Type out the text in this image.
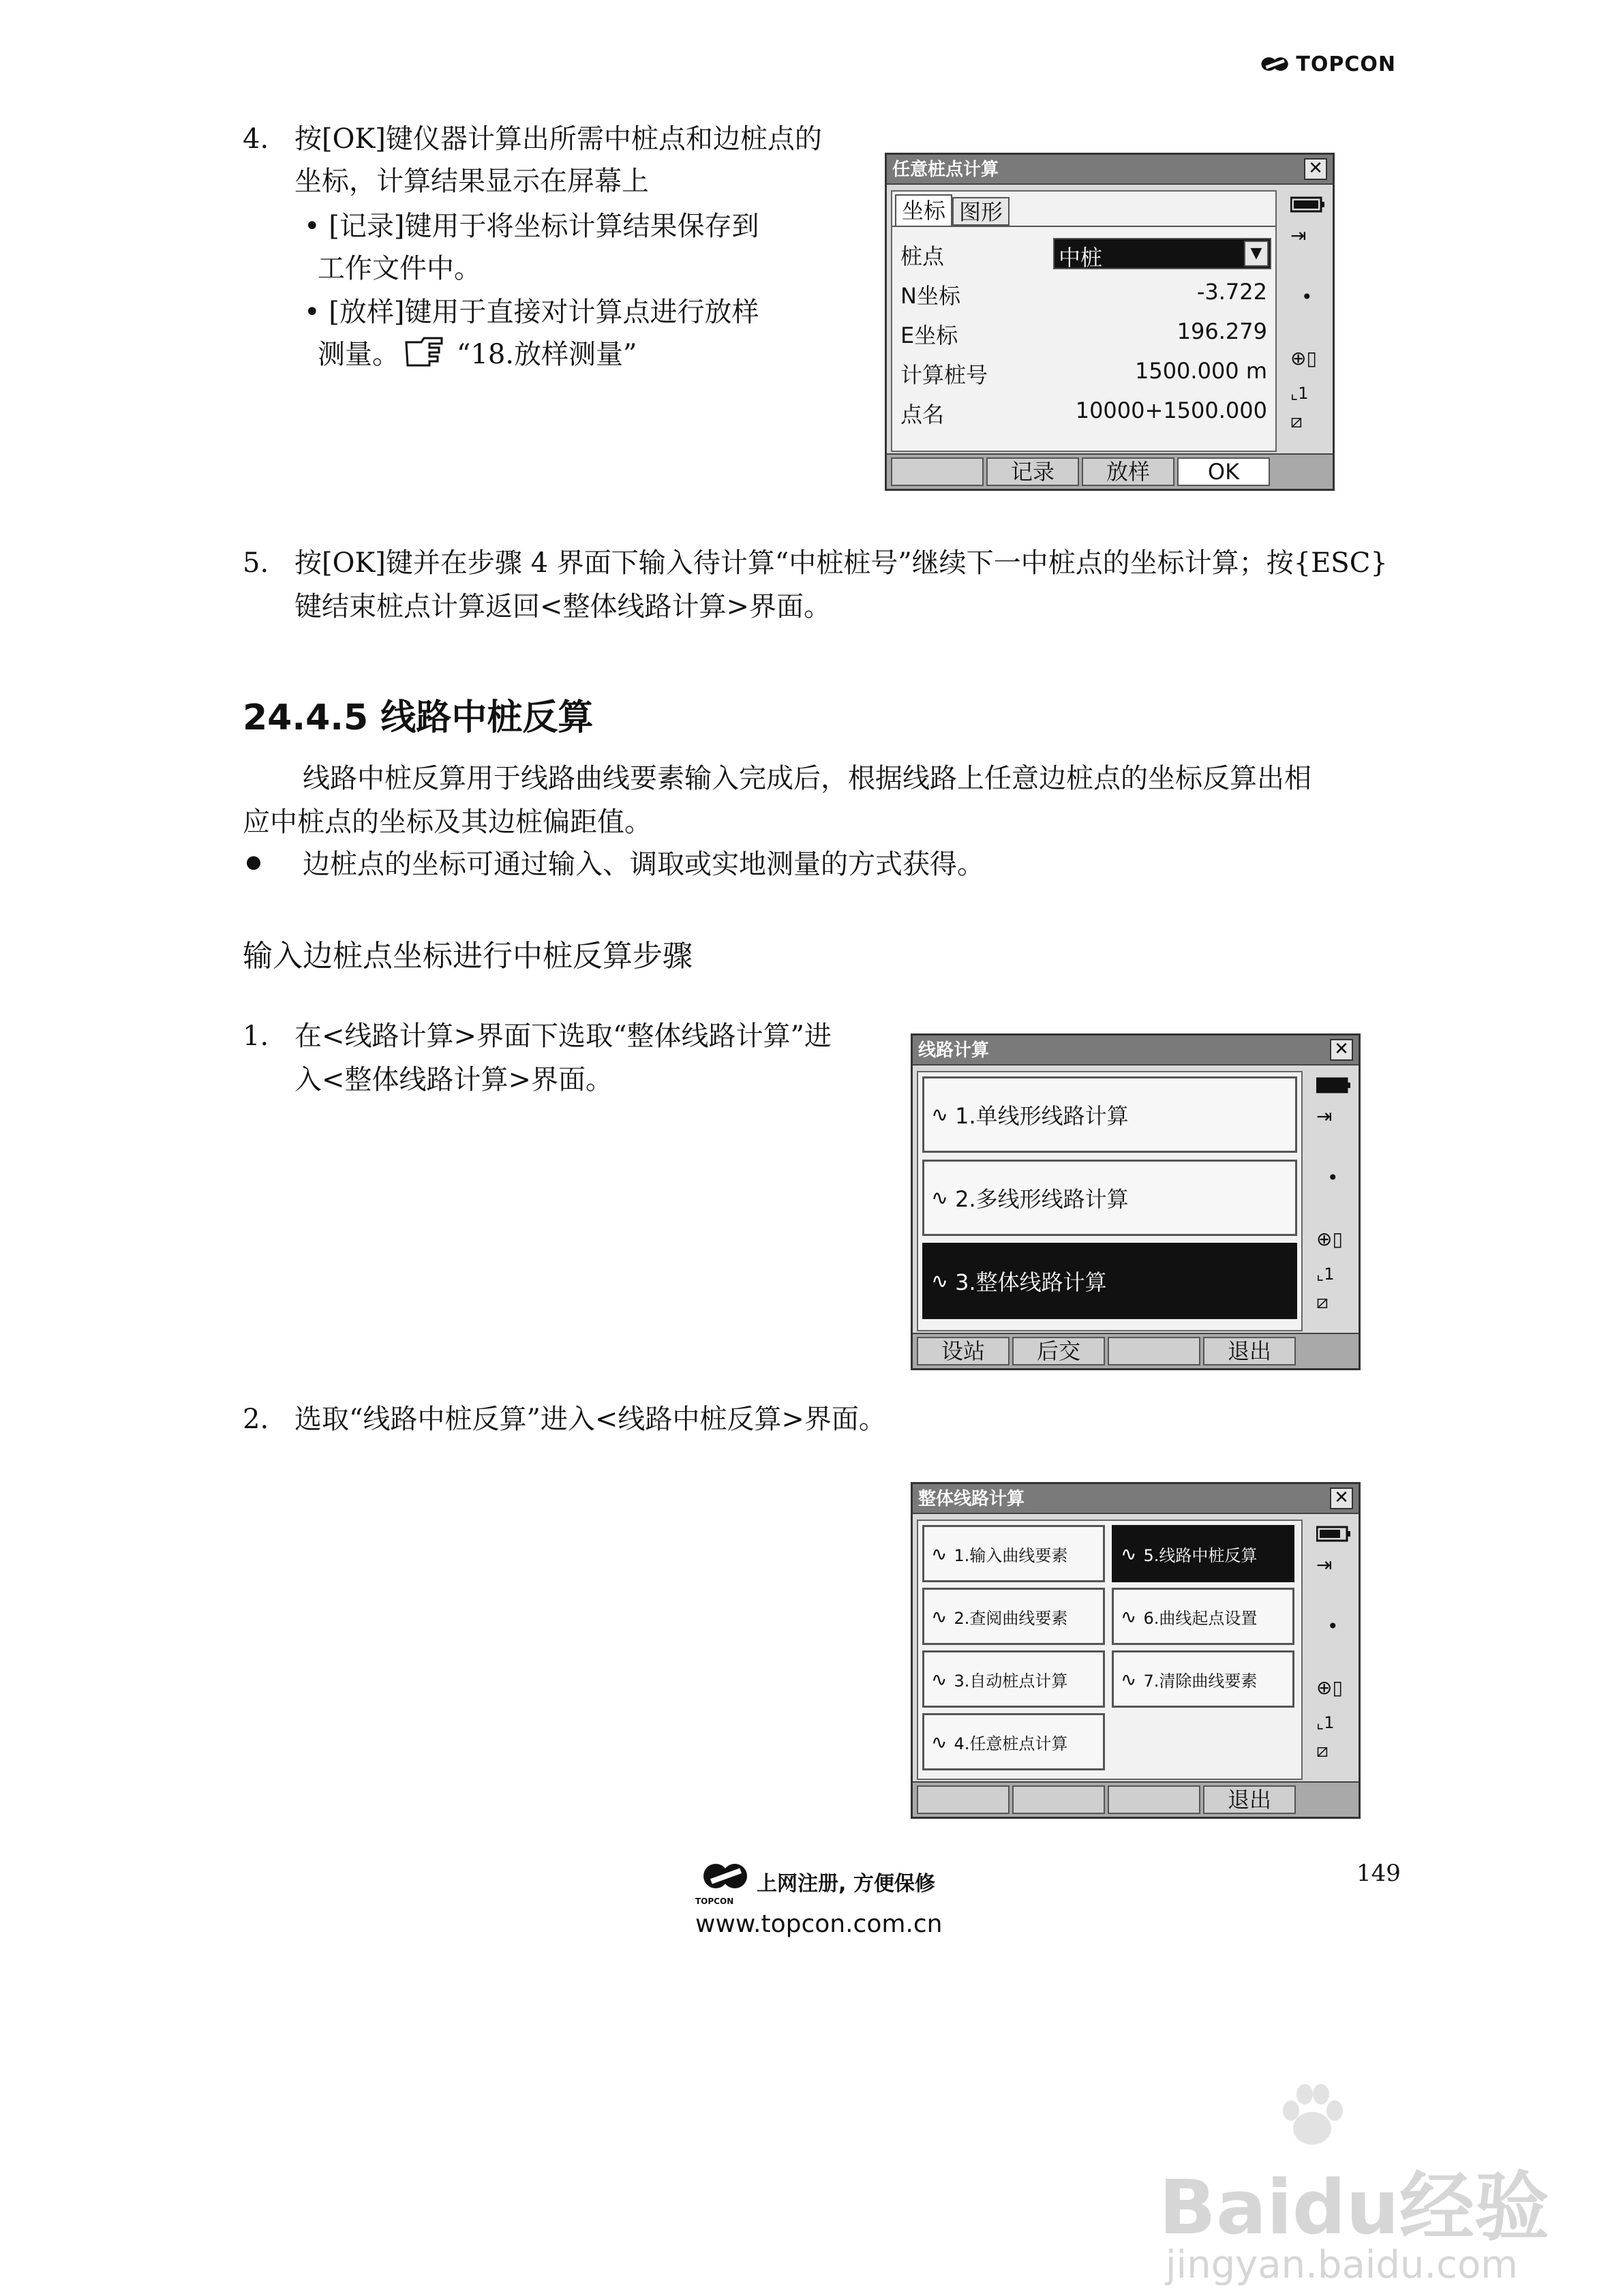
TOPCON
4. 按[OK]键仪器计算出所需中桩点和边桩点的
坐标，计算结果显示在屏幕上
• [记录]键用于将坐标计算结果保存到
工作文件中。
• [放样]键用于直接对计算点进行放样
测量。 “18.放样测量”
任意桩点计算	✕
坐标 图形
桩点	中桩	▼
N坐标	-3.722
E坐标	196.279
计算桩号	1500.000 m
点名	10000+1500.000
⇥
•
⊕▯
⌞1
⧄
记录	放样	OK
5. 按[OK]键并在步骤 4 界面下输入待计算“中桩桩号”继续下一中桩点的坐标计算；按{ESC}
键结束桩点计算返回<整体线路计算>界面。
24.4.5 线路中桩反算
线路中桩反算用于线路曲线要素输入完成后，根据线路上任意边桩点的坐标反算出相
应中桩点的坐标及其边桩偏距值。
边桩点的坐标可通过输入、调取或实地测量的方式获得。
输入边桩点坐标进行中桩反算步骤
1. 在<线路计算>界面下选取“整体线路计算”进
入<整体线路计算>界面。
线路计算	✕
∿ 1.单线形线路计算
∿ 2.多线形线路计算
∿ 3.整体线路计算
⇥
•
⊕▯
⌞1
⧄
设站	后交	退出
2. 选取“线路中桩反算”进入<线路中桩反算>界面。
整体线路计算	✕
∿ 1.输入曲线要素
∿ 2.查阅曲线要素
∿ 3.自动桩点计算
∿ 4.任意桩点计算
∿ 5.线路中桩反算
∿ 6.曲线起点设置
∿ 7.清除曲线要素
⇥
•
⊕▯
⌞1
⧄
退出
上网注册, 方便保修
TOPCON
www.topcon.com.cn
149
Baidu经验
jingyan.baidu.com
